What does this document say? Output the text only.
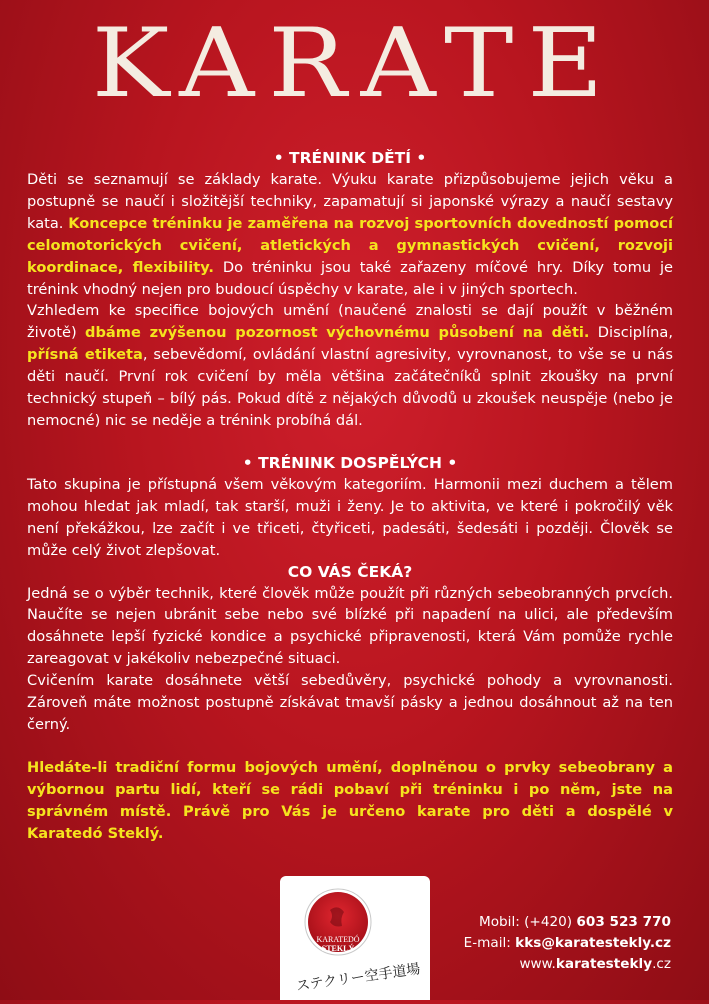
KARATE

• TRÉNINK DĚTÍ •

Děti se seznamují se základy karate. Výuku karate přizpůsobujeme jejich věku a postupně se naučí i složitější techniky, zapamatují si japonské výrazy a naučí sestavy kata. Koncepce tréninku je zaměřena na rozvoj sportovních dovedností pomocí celomotorických cvičení, atletických a gymnastických cvičení, rozvoji koordinace, flexibility. Do tréninku jsou také zařazeny míčové hry. Díky tomu je trénink vhodný nejen pro budoucí úspěchy v karate, ale i v jiných sportech.

Vzhledem ke specifice bojových umění (naučené znalosti se dají použít v běžném životě) dbáme zvýšenou pozornost výchovnému působení na děti. Disciplína, přísná etiketa, sebevědomí, ovládání vlastní agresivity, vyrovnanost, to vše se u nás děti naučí. První rok cvičení by měla většina začátečníků splnit zkoušky na první technický stupeň – bílý pás. Pokud dítě z nějakých důvodů u zkoušek neuspěje (nebo je nemocné) nic se neděje a trénink probíhá dál.

• TRÉNINK DOSPĚLÝCH •

Tato skupina je přístupná všem věkovým kategoriím. Harmonii mezi duchem a tělem mohou hledat jak mladí, tak starší, muži i ženy. Je to aktivita, ve které i pokročilý věk není překážkou, lze začít i ve třiceti, čtyřiceti, padesáti, šedesáti i později. Člověk se může celý život zlepšovat.

CO VÁS ČEKÁ?

Jedná se o výběr technik, které člověk může použít při různých sebeobranných prvcích. Naučíte se nejen ubránit sebe nebo své blízké při napadení na ulici, ale především dosáhnete lepší fyzické kondice a psychické připravenosti, která Vám pomůže rychle zareagovat v jakékoliv nebezpečné situaci.

Cvičením karate dosáhnete větší sebedůvěry, psychické pohody a vyrovnanosti. Zároveň máte možnost postupně získávat tmavší pásky a jednou dosáhnout až na ten černý.

Hledáte-li tradiční formu bojových umění, doplněnou o prvky sebeobrany a výbornou partu lidí, kteří se rádi pobaví při tréninku i po něm, jste na správném místě. Právě pro Vás je určeno karate pro děti a dospělé v Karatedó Steklý.

KARATEDÓ
STEKLÝ
ステクリー空手道場
Mobil: (+420) 603 523 770
E-mail: kks@karatestekly.cz
www.karatestekly.cz
